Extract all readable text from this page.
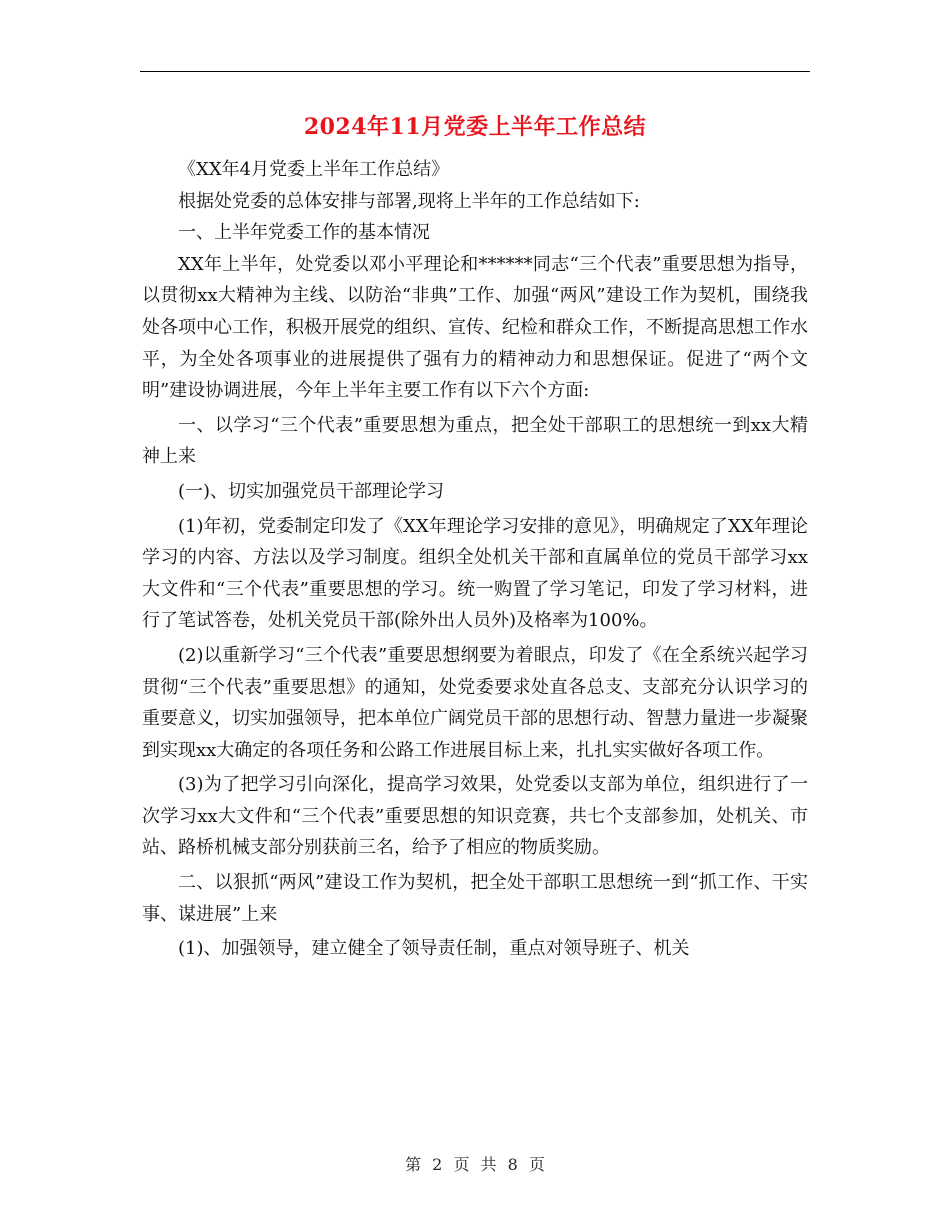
2024年11月党委上半年工作总结

《XX年4月党委上半年工作总结》

根据处党委的总体安排与部署,现将上半年的工作总结如下:

一、上半年党委工作的基本情况

XX年上半年，处党委以邓小平理论和******同志“三个代表”重要思想为指导，以贯彻xx大精神为主线、以防治“非典”工作、加强“两风”建设工作为契机，围绕我处各项中心工作，积极开展党的组织、宣传、纪检和群众工作，不断提高思想工作水平，为全处各项事业的进展提供了强有力的精神动力和思想保证。促进了“两个文明”建设协调进展，今年上半年主要工作有以下六个方面:

一、以学习“三个代表”重要思想为重点，把全处干部职工的思想统一到xx大精神上来

(一)、切实加强党员干部理论学习

(1)年初，党委制定印发了《XX年理论学习安排的意见》，明确规定了XX年理论学习的内容、方法以及学习制度。组织全处机关干部和直属单位的党员干部学习xx大文件和“三个代表”重要思想的学习。统一购置了学习笔记，印发了学习材料，进行了笔试答卷，处机关党员干部(除外出人员外)及格率为100%。

(2)以重新学习“三个代表”重要思想纲要为着眼点，印发了《在全系统兴起学习贯彻“三个代表”重要思想》的通知，处党委要求处直各总支、支部充分认识学习的重要意义，切实加强领导，把本单位广阔党员干部的思想行动、智慧力量进一步凝聚到实现xx大确定的各项任务和公路工作进展目标上来，扎扎实实做好各项工作。

(3)为了把学习引向深化，提高学习效果，处党委以支部为单位，组织进行了一次学习xx大文件和“三个代表”重要思想的知识竞赛，共七个支部参加，处机关、市站、路桥机械支部分别获前三名，给予了相应的物质奖励。

二、以狠抓“两风”建设工作为契机，把全处干部职工思想统一到“抓工作、干实事、谋进展”上来

(1)、加强领导，建立健全了领导责任制，重点对领导班子、机关

第 2 页 共 8 页
